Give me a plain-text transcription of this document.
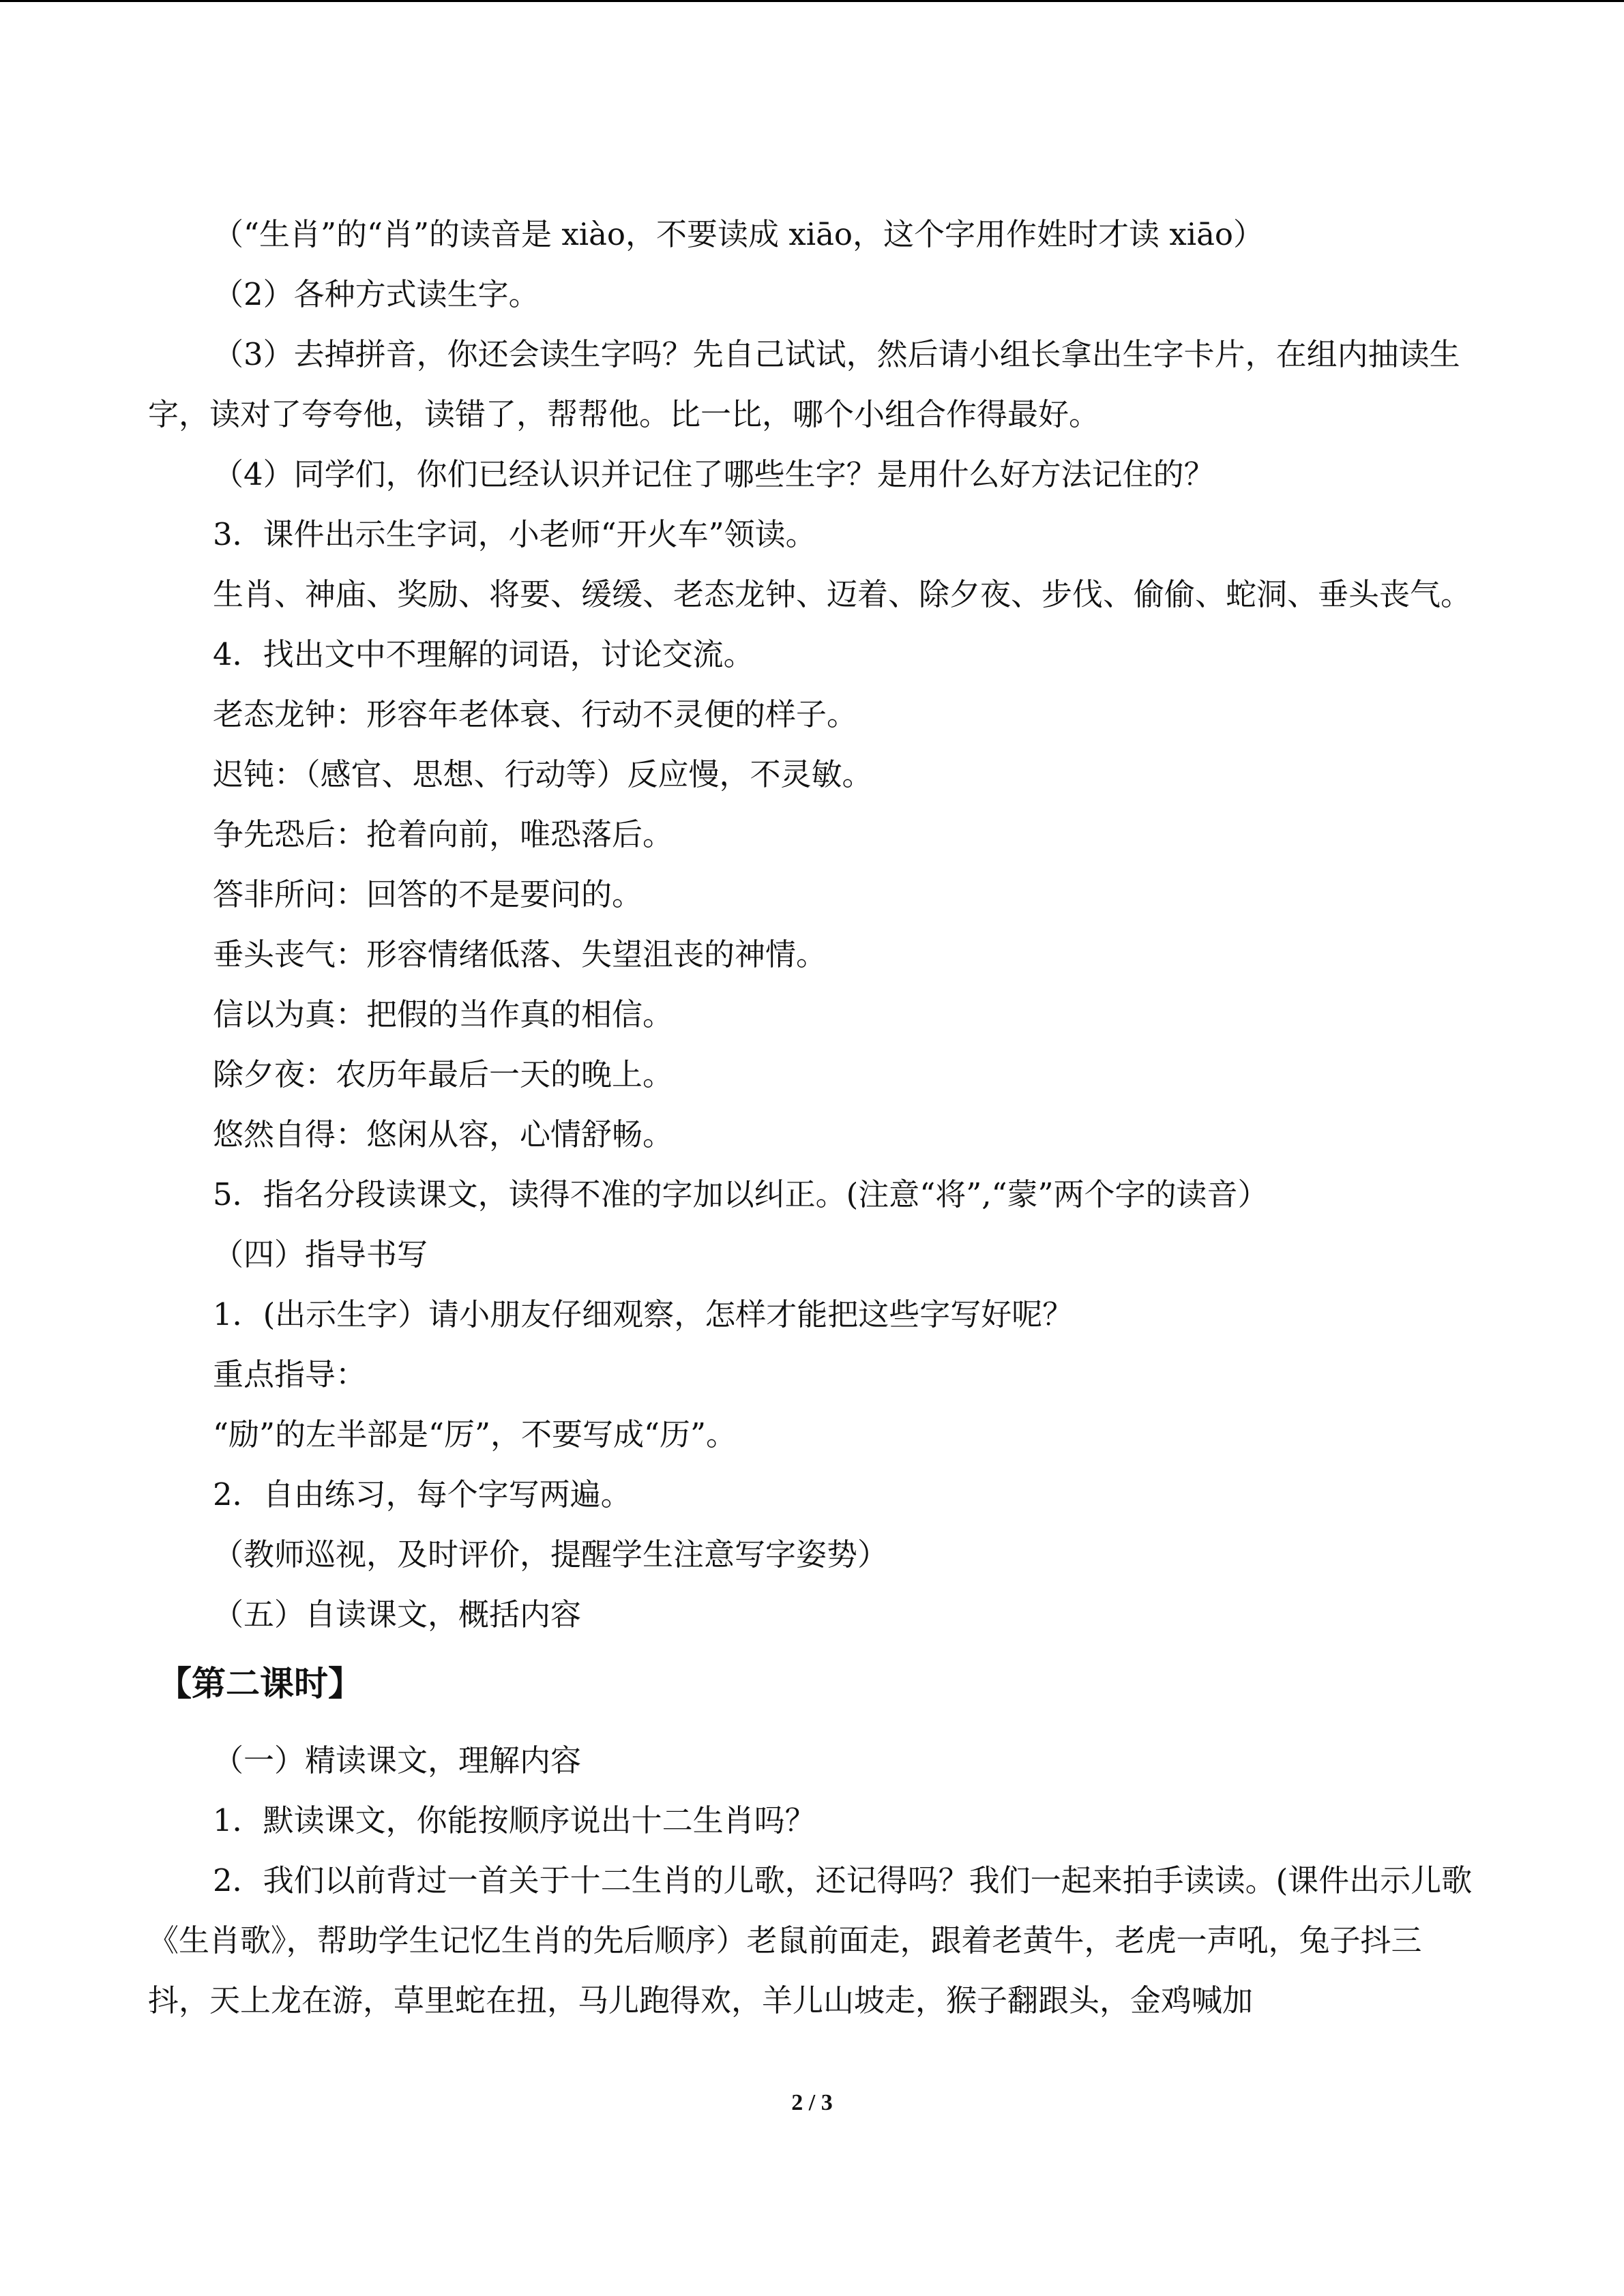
（“生肖”的“肖”的读音是 xiào，不要读成 xiāo，这个字用作姓时才读 xiāo）

（2）各种方式读生字。

（3）去掉拼音，你还会读生字吗？先自己试试，然后请小组长拿出生字卡片，在组内抽读生字，读对了夸夸他，读错了，帮帮他。比一比，哪个小组合作得最好。

（4）同学们，你们已经认识并记住了哪些生字？是用什么好方法记住的？

3．课件出示生字词，小老师“开火车”领读。

生肖、神庙、奖励、将要、缓缓、老态龙钟、迈着、除夕夜、步伐、偷偷、蛇洞、垂头丧气。

4．找出文中不理解的词语，讨论交流。

老态龙钟：形容年老体衰、行动不灵便的样子。

迟钝：（感官、思想、行动等）反应慢，不灵敏。

争先恐后：抢着向前，唯恐落后。

答非所问：回答的不是要问的。

垂头丧气：形容情绪低落、失望沮丧的神情。

信以为真：把假的当作真的相信。

除夕夜：农历年最后一天的晚上。

悠然自得：悠闲从容，心情舒畅。

5．指名分段读课文，读得不准的字加以纠正。(注意“将”,“蒙”两个字的读音）

（四）指导书写

1．(出示生字）请小朋友仔细观察，怎样才能把这些字写好呢？

重点指导：

“励”的左半部是“厉”，不要写成“历”。

2．自由练习，每个字写两遍。

（教师巡视，及时评价，提醒学生注意写字姿势）

（五）自读课文，概括内容

【第二课时】

（一）精读课文，理解内容

1．默读课文，你能按顺序说出十二生肖吗？

2．我们以前背过一首关于十二生肖的儿歌，还记得吗？我们一起来拍手读读。(课件出示儿歌《生肖歌》，帮助学生记忆生肖的先后顺序）老鼠前面走，跟着老黄牛，老虎一声吼，兔子抖三抖，天上龙在游，草里蛇在扭，马儿跑得欢，羊儿山坡走，猴子翻跟头，金鸡喊加

2 / 3
